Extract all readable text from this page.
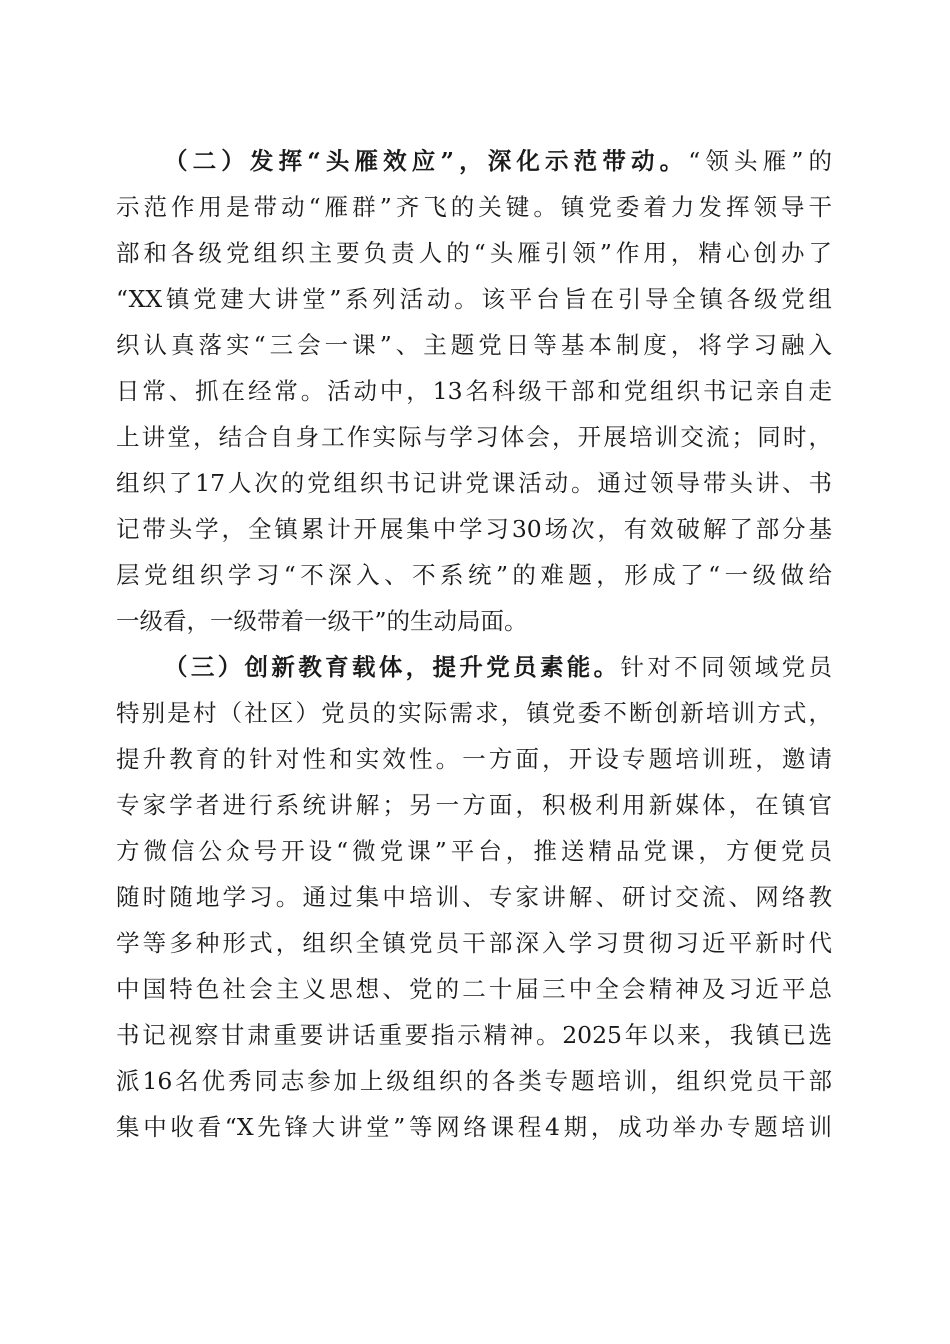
（二）发挥“头雁效应”，深化示范带动。“领头雁”的
示范作用是带动“雁群”齐飞的关键。镇党委着力发挥领导干
部和各级党组织主要负责人的“头雁引领”作用，精心创办了
“XX镇党建大讲堂”系列活动。该平台旨在引导全镇各级党组
织认真落实“三会一课”、主题党日等基本制度，将学习融入
日常、抓在经常。活动中，13名科级干部和党组织书记亲自走
上讲堂，结合自身工作实际与学习体会，开展培训交流；同时，
组织了17人次的党组织书记讲党课活动。通过领导带头讲、书
记带头学，全镇累计开展集中学习30场次，有效破解了部分基
层党组织学习“不深入、不系统”的难题，形成了“一级做给
一级看，一级带着一级干”的生动局面。
（三）创新教育载体，提升党员素能。针对不同领域党员
特别是村（社区）党员的实际需求，镇党委不断创新培训方式，
提升教育的针对性和实效性。一方面，开设专题培训班，邀请
专家学者进行系统讲解；另一方面，积极利用新媒体，在镇官
方微信公众号开设“微党课”平台，推送精品党课，方便党员
随时随地学习。通过集中培训、专家讲解、研讨交流、网络教
学等多种形式，组织全镇党员干部深入学习贯彻习近平新时代
中国特色社会主义思想、党的二十届三中全会精神及习近平总
书记视察甘肃重要讲话重要指示精神。2025年以来，我镇已选
派16名优秀同志参加上级组织的各类专题培训，组织党员干部
集中收看“X先锋大讲堂”等网络课程4期，成功举办专题培训
